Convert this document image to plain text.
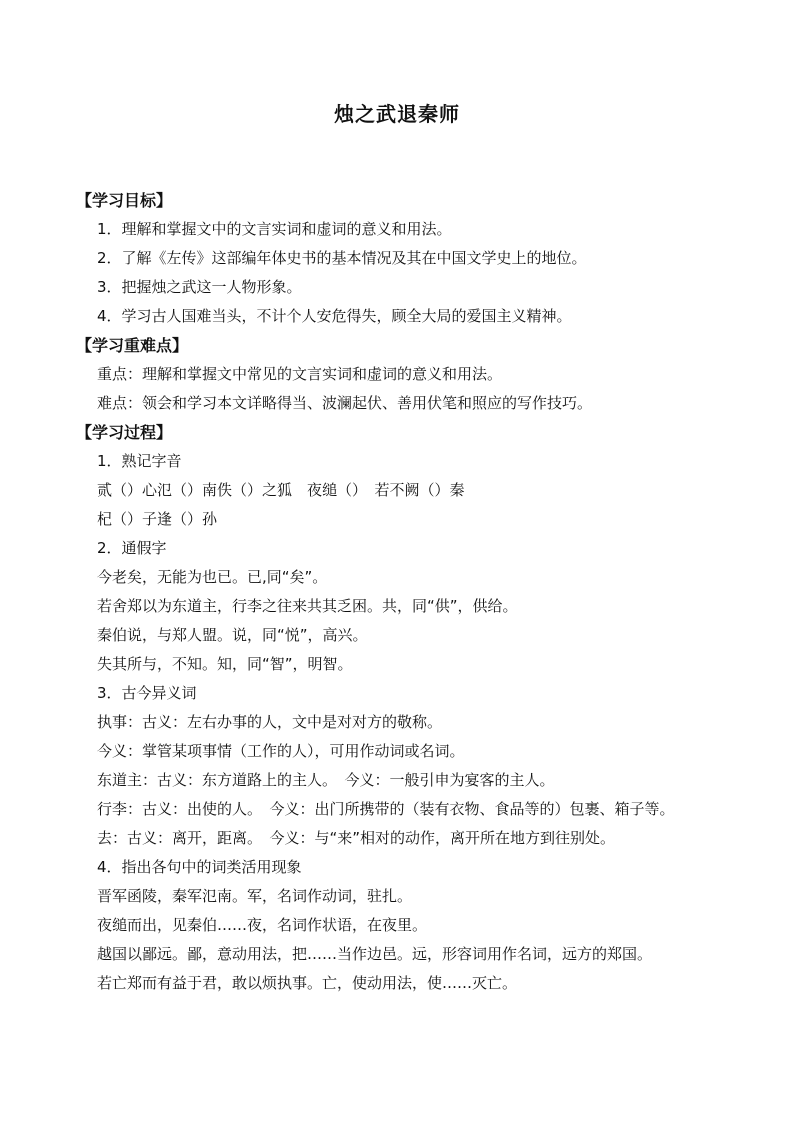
烛之武退秦师
【学习目标】
1．理解和掌握文中的文言实词和虚词的意义和用法。
2．了解《左传》这部编年体史书的基本情况及其在中国文学史上的地位。
3．把握烛之武这一人物形象。
4．学习古人国难当头，不计个人安危得失，顾全大局的爱国主义精神。
【学习重难点】
重点：理解和掌握文中常见的文言实词和虚词的意义和用法。
难点：领会和学习本文详略得当、波澜起伏、善用伏笔和照应的写作技巧。
【学习过程】
1．熟记字音
贰（）心氾（）南佚（）之狐　夜缒（）　若不阙（）秦
杞（）子逢（）孙
2．通假字
今老矣，无能为也已。已,同“矣”。
若舍郑以为东道主，行李之往来共其乏困。共，同“供”，供给。
秦伯说，与郑人盟。说，同“悦”，高兴。
失其所与，不知。知，同“智”，明智。
3．古今异义词
执事：古义：左右办事的人，文中是对对方的敬称。
今义：掌管某项事情（工作的人），可用作动词或名词。
东道主：古义：东方道路上的主人。　今义：一般引申为宴客的主人。
行李：古义：出使的人。　今义：出门所携带的（装有衣物、食品等的）包裹、箱子等。
去：古义：离开，距离。　今义：与“来”相对的动作，离开所在地方到往别处。
4．指出各句中的词类活用现象
晋军函陵，秦军氾南。军，名词作动词，驻扎。
夜缒而出，见秦伯……夜，名词作状语，在夜里。
越国以鄙远。鄙，意动用法，把……当作边邑。远，形容词用作名词，远方的郑国。
若亡郑而有益于君，敢以烦执事。亡，使动用法，使……灭亡。
